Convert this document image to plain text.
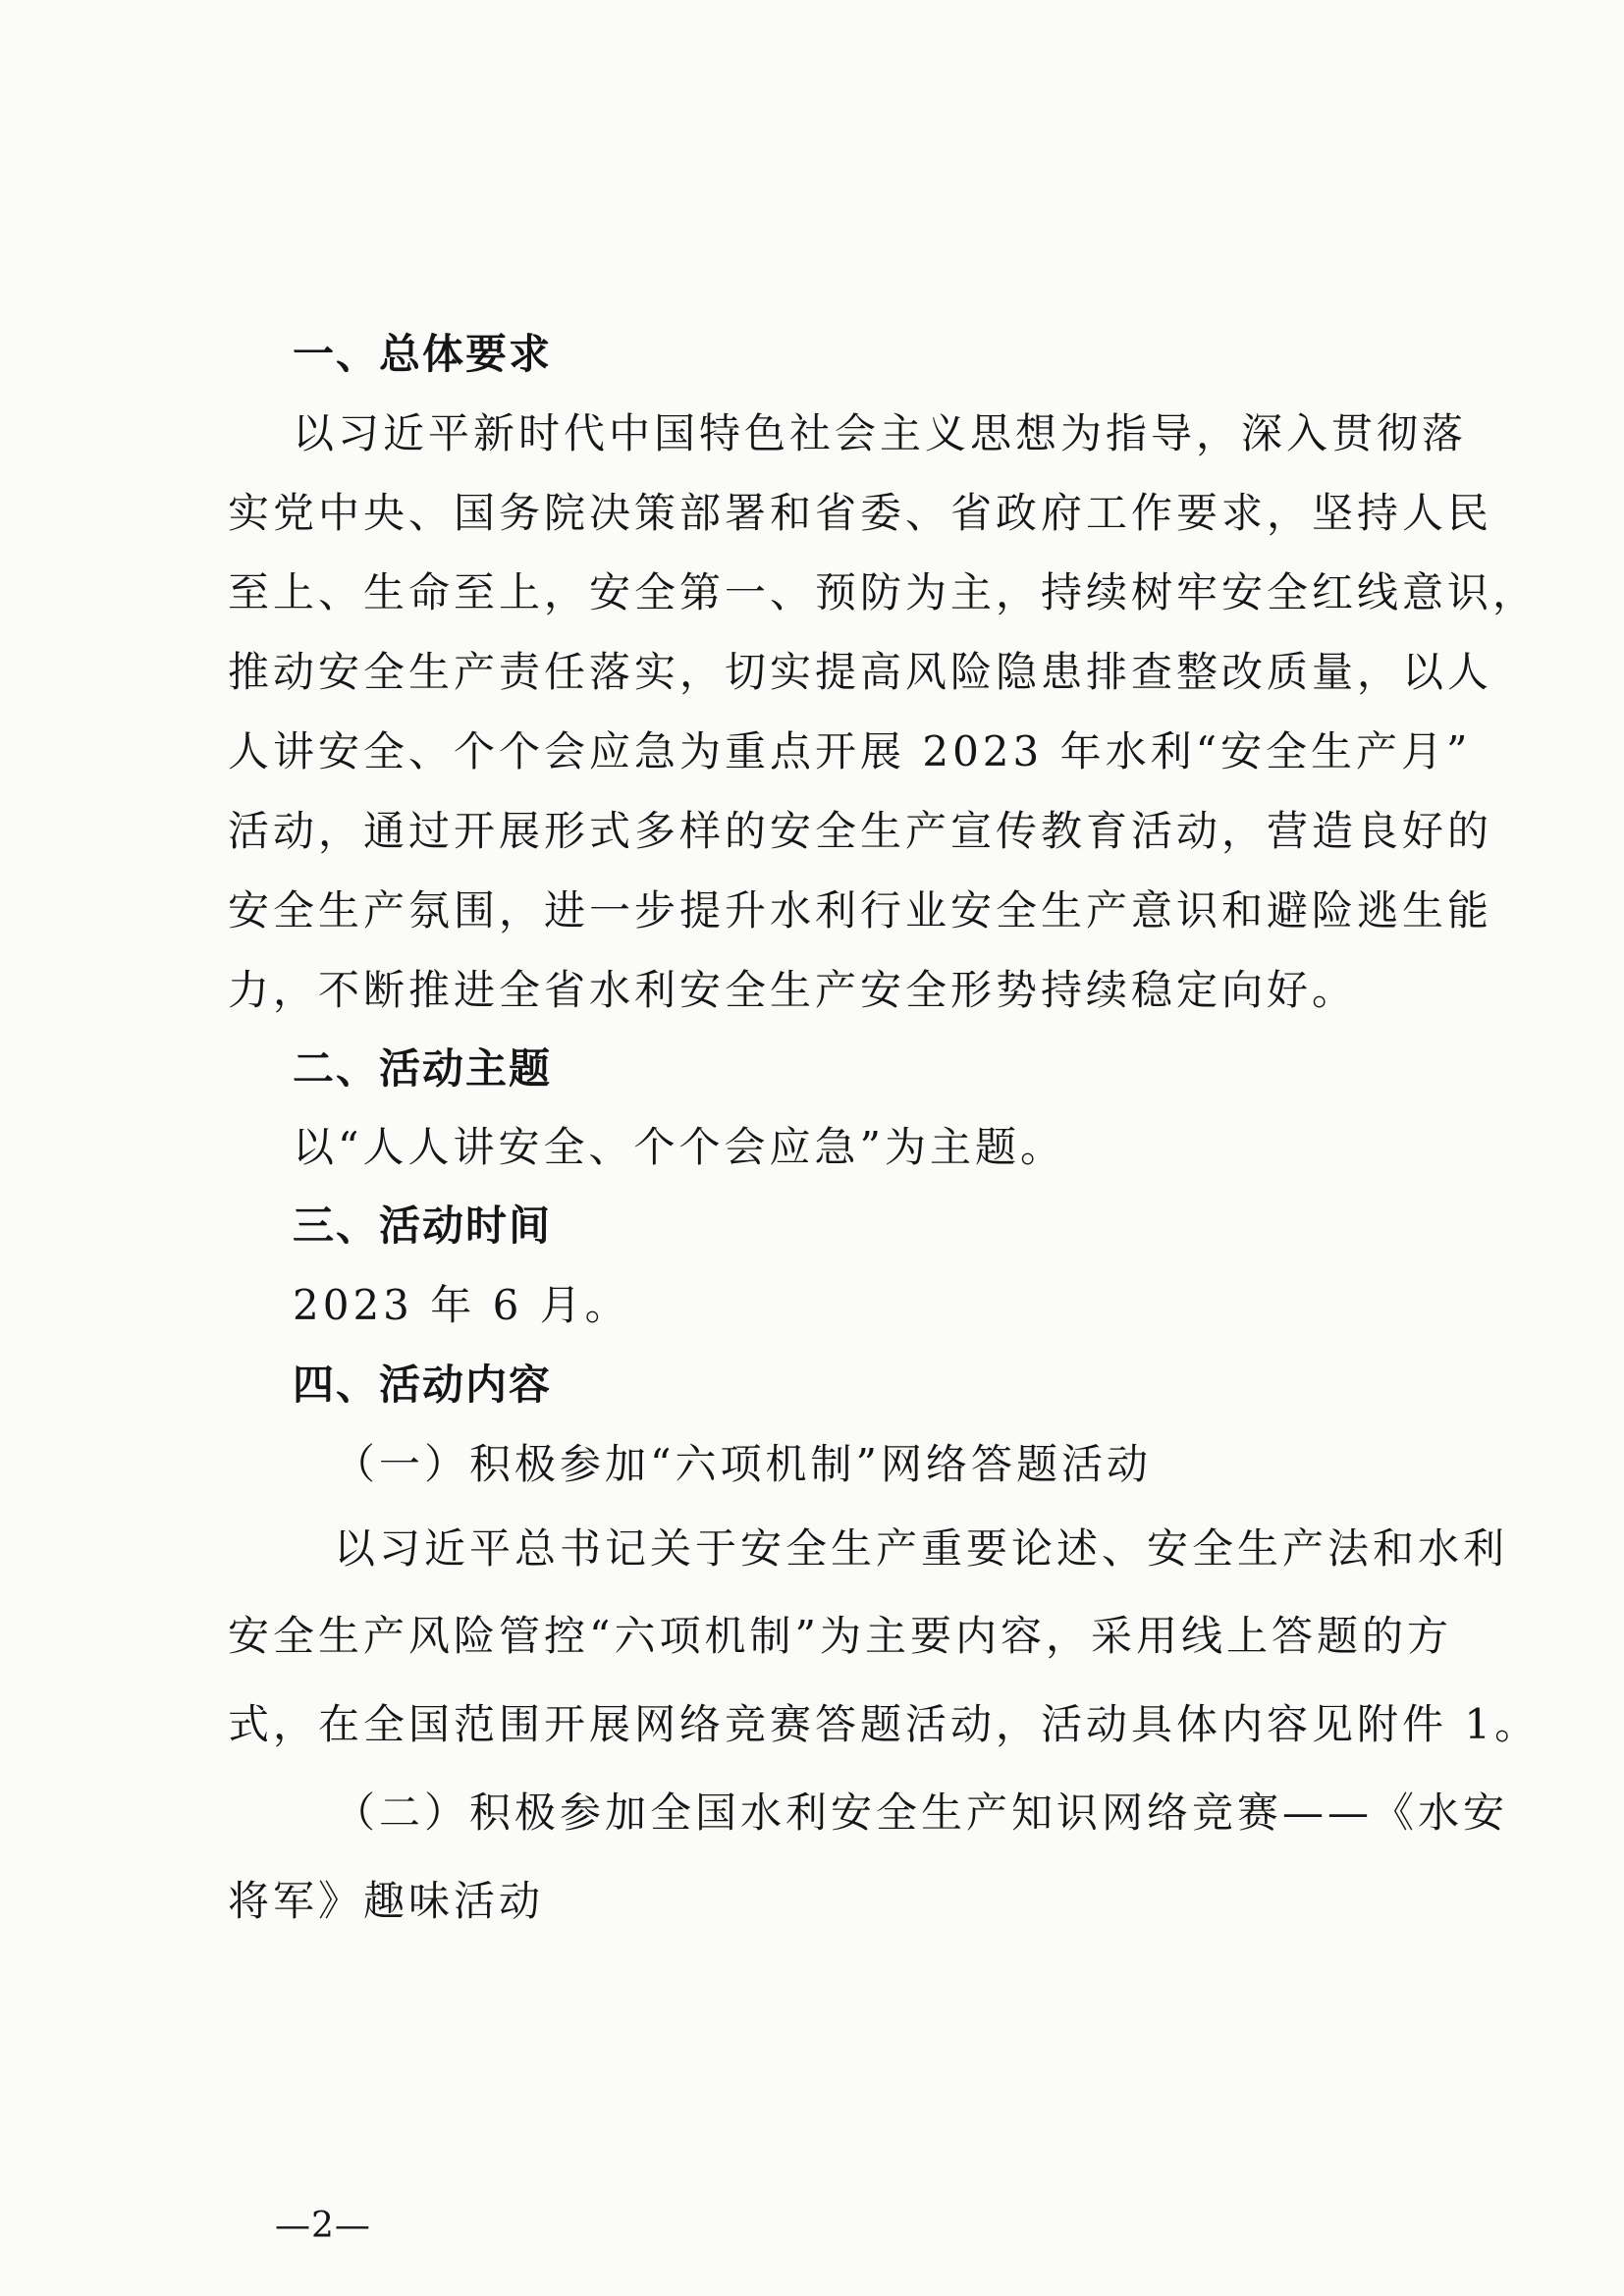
一、总体要求
以习近平新时代中国特色社会主义思想为指导，深入贯彻落
实党中央、国务院决策部署和省委、省政府工作要求，坚持人民
至上、生命至上，安全第一、预防为主，持续树牢安全红线意识，
推动安全生产责任落实，切实提高风险隐患排查整改质量，以人
人讲安全、个个会应急为重点开展 2023 年水利“安全生产月”
活动，通过开展形式多样的安全生产宣传教育活动，营造良好的
安全生产氛围，进一步提升水利行业安全生产意识和避险逃生能
力，不断推进全省水利安全生产安全形势持续稳定向好。
二、活动主题
以“人人讲安全、个个会应急”为主题。
三、活动时间
2023 年 6 月。
四、活动内容
（一）积极参加“六项机制”网络答题活动
以习近平总书记关于安全生产重要论述、安全生产法和水利
安全生产风险管控“六项机制”为主要内容，采用线上答题的方
式，在全国范围开展网络竞赛答题活动，活动具体内容见附件 1。
（二）积极参加全国水利安全生产知识网络竞赛——《水安
将军》趣味活动
—2—
